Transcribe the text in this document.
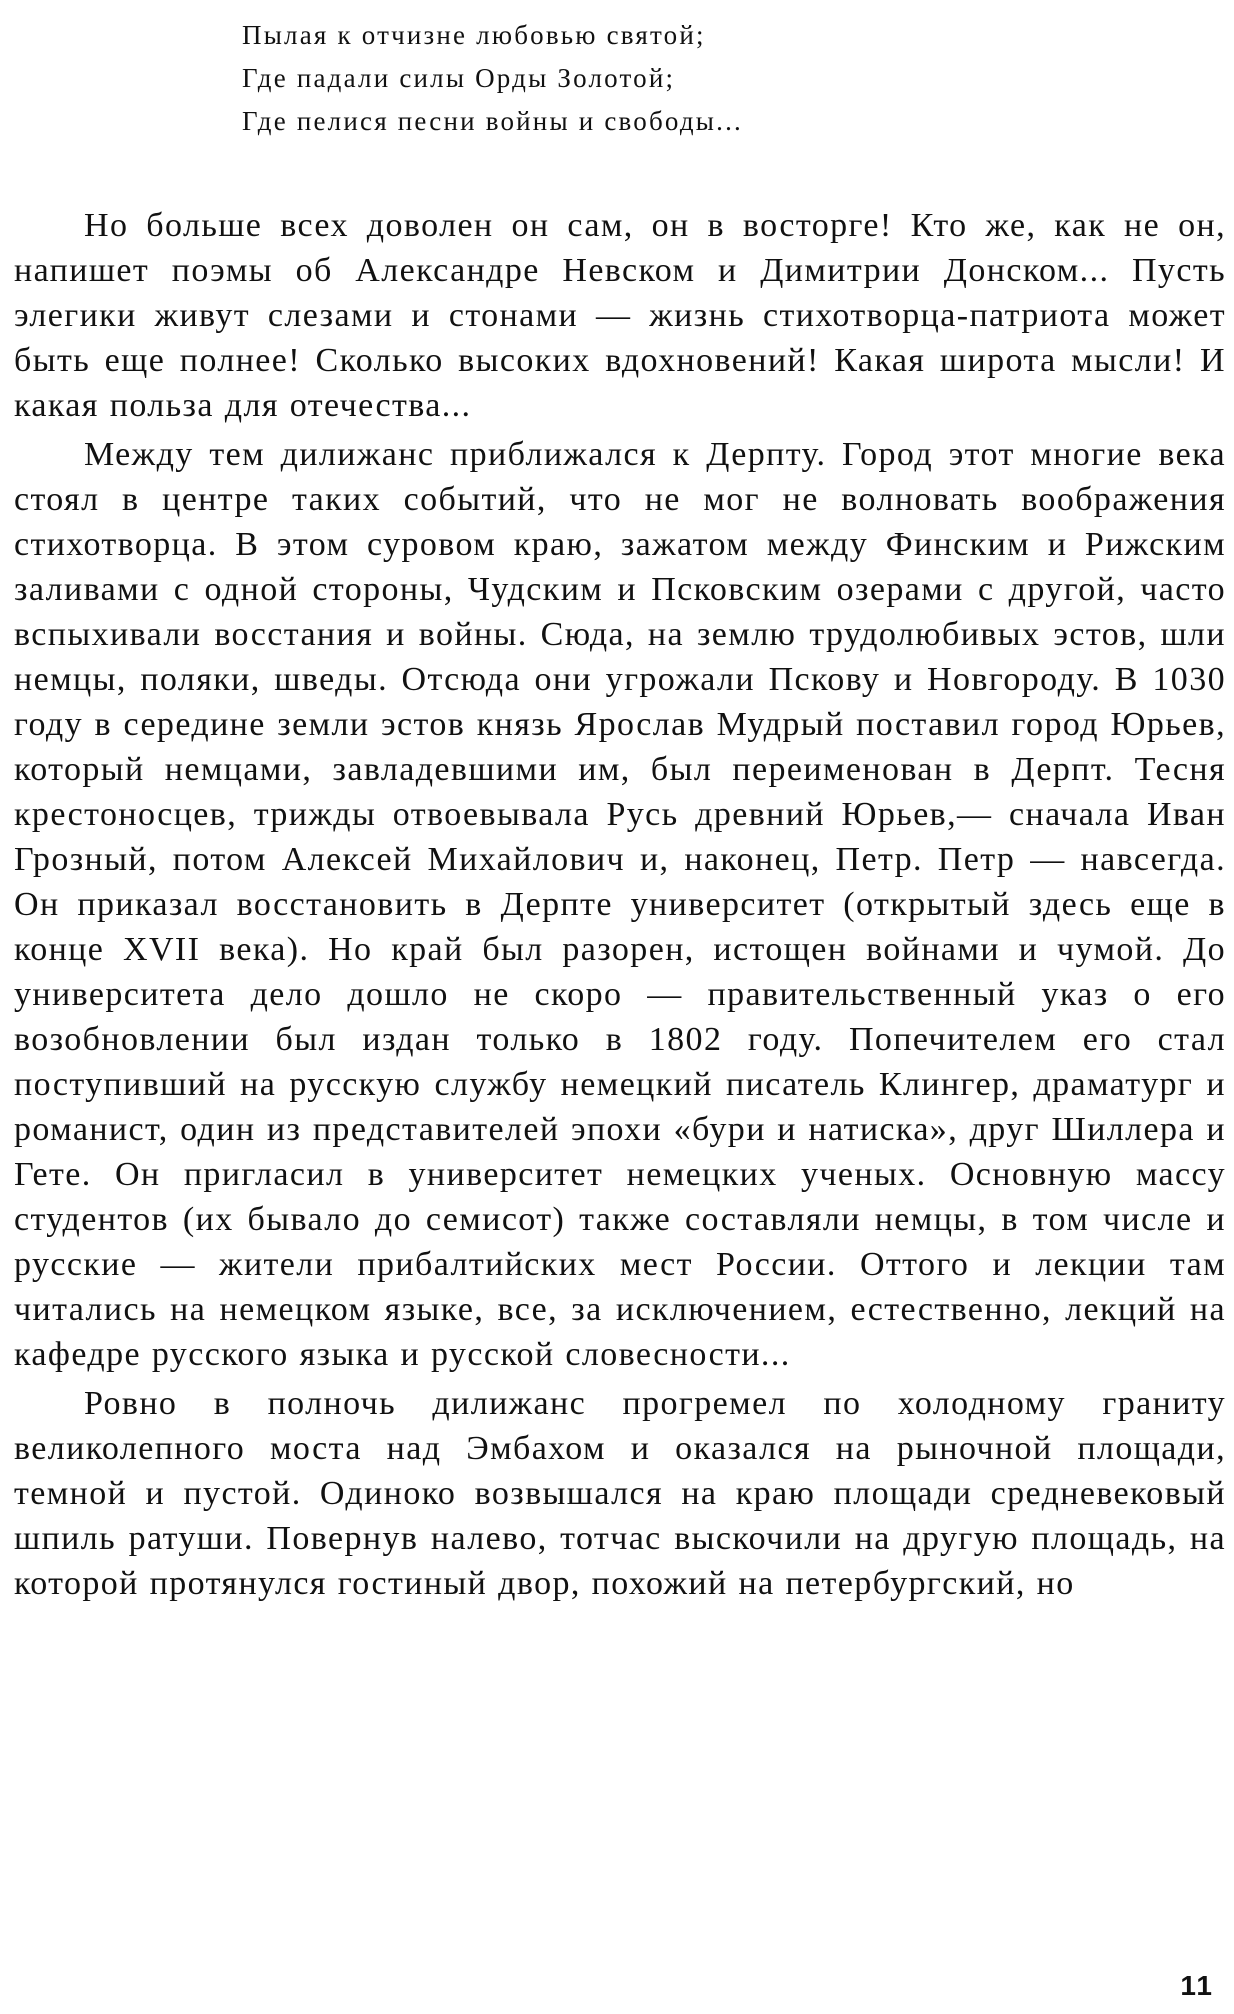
Пылая к отчизне любовью святой;
Где падали силы Орды Золотой;
Где пелися песни войны и свободы...

Но больше всех доволен он сам, он в восторге! Кто же, как не он, напишет поэмы об Александре Невском и Димитрии Донском... Пусть элегики живут слезами и стонами — жизнь стихотворца-патриота может быть еще полнее! Сколько высоких вдохновений! Какая широта мысли! И какая польза для отечества...

Между тем дилижанс приближался к Дерпту. Город этот многие века стоял в центре таких событий, что не мог не волновать воображения стихотворца. В этом суровом краю, зажатом между Финским и Рижским заливами с одной стороны, Чудским и Псковским озерами с другой, часто вспыхивали восстания и войны. Сюда, на землю трудолюбивых эстов, шли немцы, поляки, шведы. Отсюда они угрожали Пскову и Новгороду. В 1030 году в середине земли эстов князь Ярослав Мудрый поставил город Юрьев, который немцами, завладевшими им, был переименован в Дерпт. Тесня крестоносцев, трижды отвоевывала Русь древний Юрьев,— сначала Иван Грозный, потом Алексей Михайлович и, наконец, Петр. Петр — навсегда. Он приказал восстановить в Дерпте университет (открытый здесь еще в конце XVII века). Но край был разорен, истощен войнами и чумой. До университета дело дошло не скоро — правительственный указ о его возобновлении был издан только в 1802 году. Попечителем его стал поступивший на русскую службу немецкий писатель Клингер, драматург и романист, один из представителей эпохи «бури и натиска», друг Шиллера и Гете. Он пригласил в университет немецких ученых. Основную массу студентов (их бывало до семисот) также составляли немцы, в том числе и русские — жители прибалтийских мест России. Оттого и лекции там читались на немецком языке, все, за исключением, естественно, лекций на кафедре русского языка и русской словесности...

Ровно в полночь дилижанс прогремел по холодному граниту великолепного моста над Эмбахом и оказался на рыночной площади, темной и пустой. Одиноко возвышался на краю площади средневековый шпиль ратуши. Повернув налево, тотчас выскочили на другую площадь, на которой протянулся гостиный двор, похожий на петербургский, но

11
